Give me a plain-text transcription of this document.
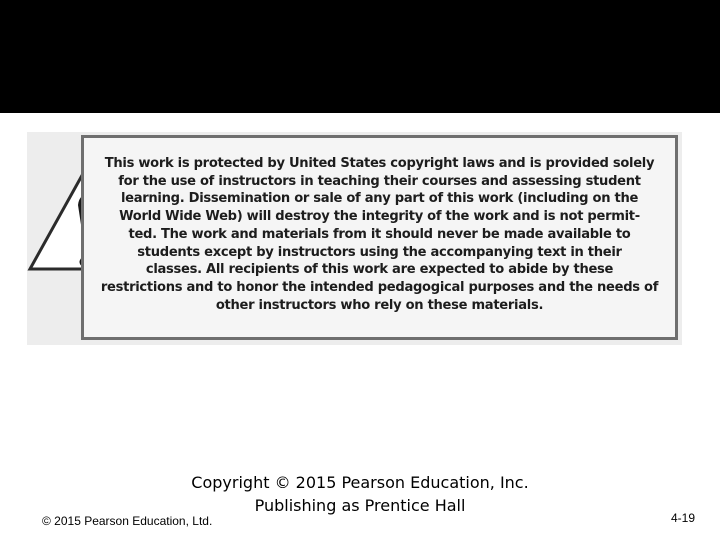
This work is protected by United States copyright laws and is provided solely
for the use of instructors in teaching their courses and assessing student
learning. Dissemination or sale of any part of this work (including on the
World Wide Web) will destroy the integrity of the work and is not permit-
ted. The work and materials from it should never be made available to
students except by instructors using the accompanying text in their
classes. All recipients of this work are expected to abide by these
restrictions and to honor the intended pedagogical purposes and the needs of
other instructors who rely on these materials.

Copyright © 2015 Pearson Education, Inc.
Publishing as Prentice Hall

© 2015 Pearson Education, Ltd.	4-19
